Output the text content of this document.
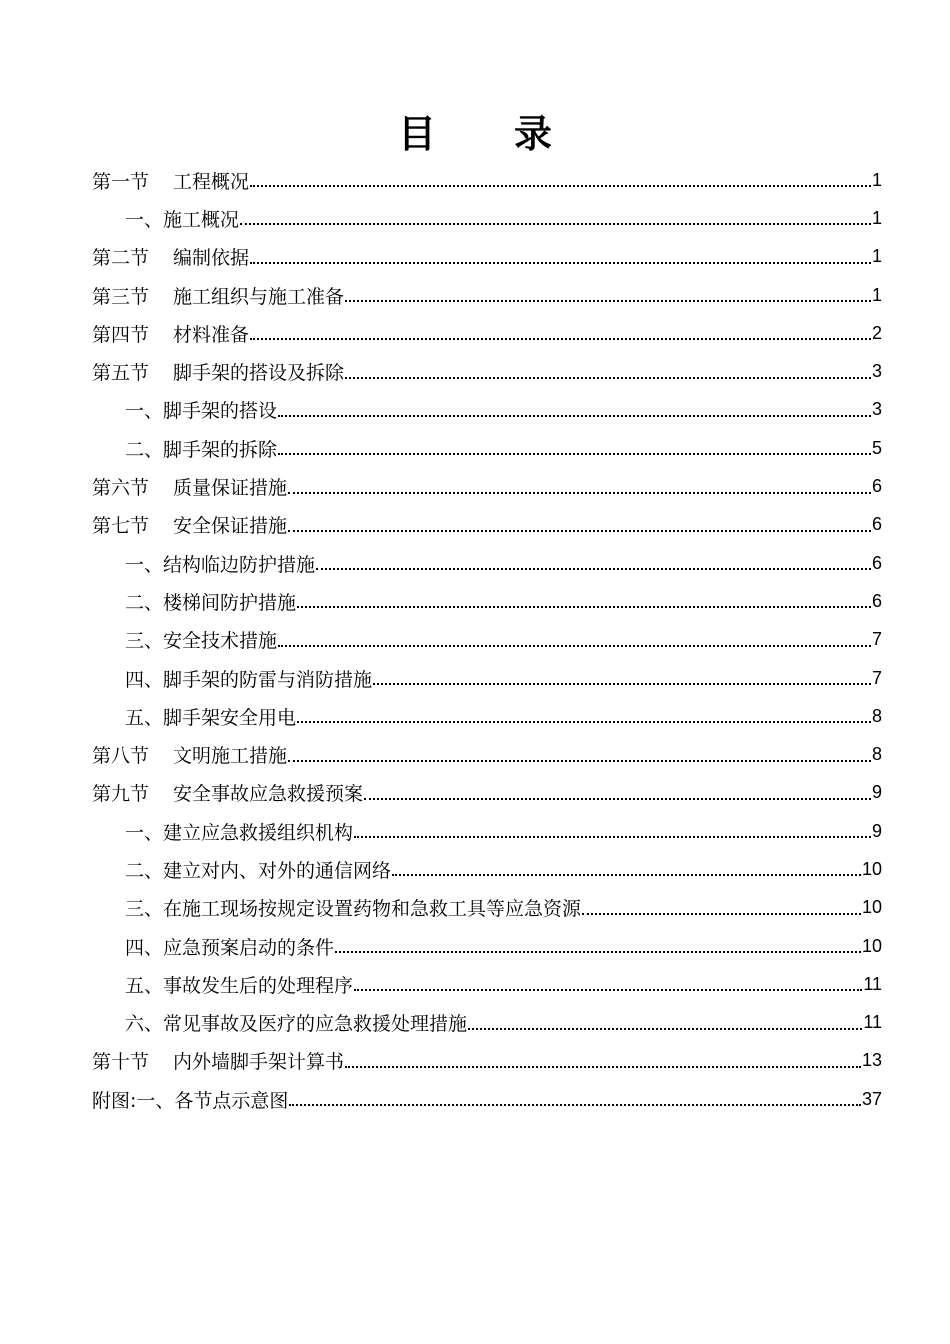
目 录
第一节 工程概况	1
一、施工概况	1
第二节 编制依据	1
第三节 施工组织与施工准备	1
第四节 材料准备	2
第五节 脚手架的搭设及拆除	3
一、脚手架的搭设	3
二、脚手架的拆除	5
第六节 质量保证措施	6
第七节 安全保证措施	6
一、结构临边防护措施	6
二、楼梯间防护措施	6
三、安全技术措施	7
四、脚手架的防雷与消防措施	7
五、脚手架安全用电	8
第八节 文明施工措施	8
第九节 安全事故应急救援预案	9
一、建立应急救援组织机构	9
二、建立对内、对外的通信网络	10
三、在施工现场按规定设置药物和急救工具等应急资源	10
四、应急预案启动的条件	10
五、事故发生后的处理程序	11
六、常见事故及医疗的应急救援处理措施	11
第十节 内外墙脚手架计算书	13
附图:一、各节点示意图	37
